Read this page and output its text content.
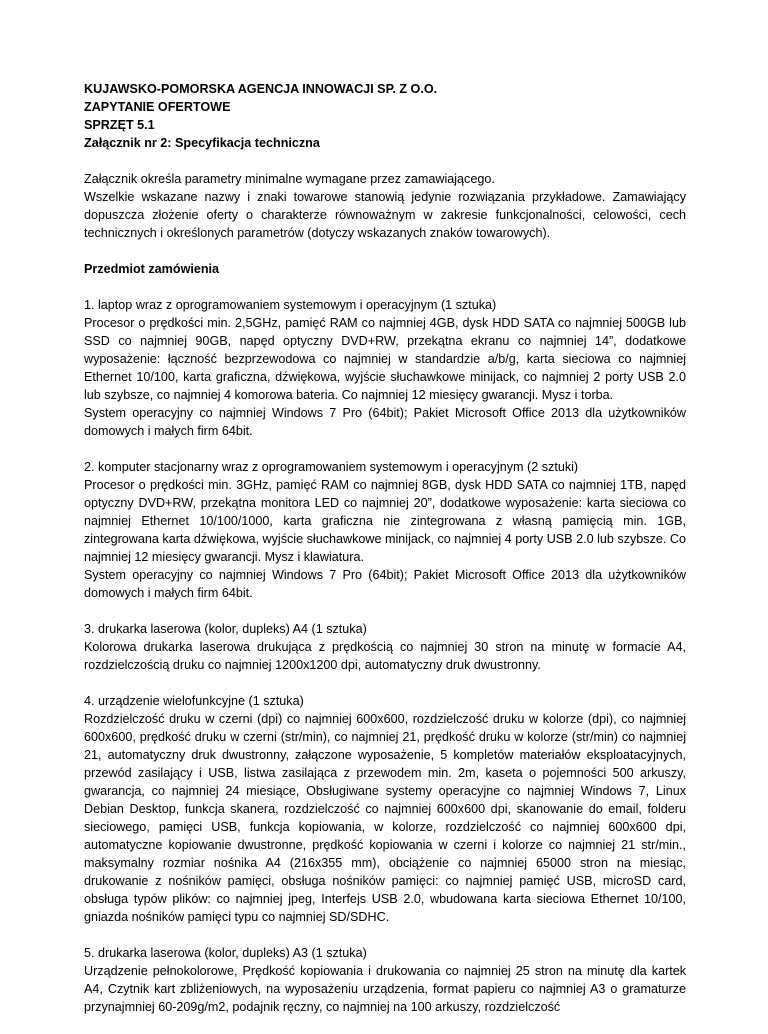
KUJAWSKO-POMORSKA AGENCJA INNOWACJI SP. Z O.O.
ZAPYTANIE OFERTOWE
SPRZĘT 5.1
Załącznik nr 2: Specyfikacja techniczna

Załącznik określa parametry minimalne wymagane przez zamawiającego.

Wszelkie wskazane nazwy i znaki towarowe stanowią jedynie rozwiązania przykładowe. Zamawiający dopuszcza złożenie oferty o charakterze równoważnym w zakresie funkcjonalności, celowości, cech technicznych i określonych parametrów (dotyczy wskazanych znaków towarowych).

Przedmiot zamówienia
1. laptop wraz z oprogramowaniem systemowym i operacyjnym (1 sztuka)
Procesor o prędkości min. 2,5GHz, pamięć RAM co najmniej 4GB, dysk HDD SATA co najmniej 500GB lub SSD co najmniej 90GB, napęd optyczny DVD+RW, przekątna ekranu co najmniej 14”, dodatkowe wyposażenie: łączność bezprzewodowa co najmniej w standardzie a/b/g, karta sieciowa co najmniej Ethernet 10/100, karta graficzna, dźwiękowa, wyjście słuchawkowe minijack, co najmniej 2 porty USB 2.0 lub szybsze, co najmniej 4 komorowa bateria. Co najmniej 12 miesięcy gwarancji. Mysz i torba.
System operacyjny co najmniej Windows 7 Pro (64bit); Pakiet Microsoft Office 2013 dla użytkowników domowych i małych firm 64bit.
2. komputer stacjonarny wraz z oprogramowaniem systemowym i operacyjnym (2 sztuki)
Procesor o prędkości min. 3GHz, pamięć RAM co najmniej 8GB, dysk HDD SATA co najmniej 1TB, napęd optyczny DVD+RW, przekątna monitora LED co najmniej 20”, dodatkowe wyposażenie: karta sieciowa co najmniej Ethernet 10/100/1000, karta graficzna nie zintegrowana z własną pamięcią min. 1GB, zintegrowana karta dźwiękowa, wyjście słuchawkowe minijack, co najmniej 4 porty USB 2.0 lub szybsze. Co najmniej 12 miesięcy gwarancji. Mysz i klawiatura.
System operacyjny co najmniej Windows 7 Pro (64bit); Pakiet Microsoft Office 2013 dla użytkowników domowych i małych firm 64bit.
3. drukarka laserowa (kolor, dupleks) A4 (1 sztuka)
Kolorowa drukarka laserowa drukująca z prędkością co najmniej 30 stron na minutę w formacie A4, rozdzielczością druku co najmniej 1200x1200 dpi, automatyczny druk dwustronny.
4. urządzenie wielofunkcyjne (1 sztuka)
Rozdzielczość druku w czerni (dpi) co najmniej 600x600, rozdzielczość druku w kolorze (dpi), co najmniej 600x600, prędkość druku w czerni (str/min), co najmniej 21, prędkość druku w kolorze (str/min) co najmniej 21, automatyczny druk dwustronny, załączone wyposażenie, 5 kompletów materiałów eksploatacyjnych, przewód zasilający i USB, listwa zasilająca z przewodem min. 2m, kaseta o pojemności 500 arkuszy, gwarancja, co najmniej 24 miesiące, Obsługiwane systemy operacyjne co najmniej Windows 7, Linux Debian Desktop, funkcja skanera, rozdzielczość co najmniej 600x600 dpi, skanowanie do email, folderu sieciowego, pamięci USB, funkcja kopiowania, w kolorze, rozdzielczość co najmniej 600x600 dpi, automatyczne kopiowanie dwustronne, prędkość kopiowania w czerni i kolorze co najmniej 21 str/min., maksymalny rozmiar nośnika A4 (216x355 mm), obciążenie co najmniej 65000 stron na miesiąc, drukowanie z nośników pamięci, obsługa nośników pamięci: co najmniej pamięć USB, microSD card, obsługa typów plików: co najmniej jpeg, Interfejs USB 2.0, wbudowana karta sieciowa Ethernet 10/100, gniazda nośników pamięci typu co najmniej SD/SDHC.
5. drukarka laserowa (kolor, dupleks) A3 (1 sztuka)
Urządzenie pełnokolorowe, Prędkość kopiowania i drukowania co najmniej 25 stron na minutę dla kartek A4, Czytnik kart zbliżeniowych, na wyposażeniu urządzenia, format papieru co najmniej A3 o gramaturze przynajmniej 60-209g/m2, podajnik ręczny, co najmniej na 100 arkuszy, rozdzielczość
